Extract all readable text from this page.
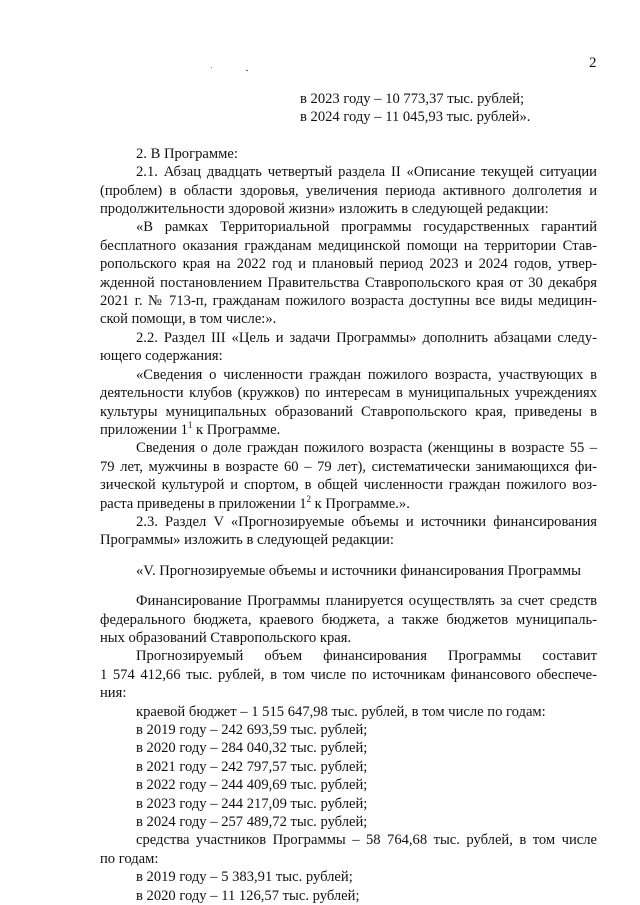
2

в 2023 году – 10 773,37 тыс. рублей;

в 2024 году – 11 045,93 тыс. рублей».

2. В Программе:

2.1. Абзац двадцать четвертый раздела II «Описание текущей ситуации

(проблем) в области здоровья, увеличения периода активного долголетия и

продолжительности здоровой жизни» изложить в следующей редакции:

«В рамках Территориальной программы государственных гарантий

бесплатного оказания гражданам медицинской помощи на территории Став-

ропольского края на 2022 год и плановый период 2023 и 2024 годов, утвер-

жденной постановлением Правительства Ставропольского края от 30 декабря

2021 г. № 713-п, гражданам пожилого возраста доступны все виды медицин-

ской помощи, в том числе:».

2.2. Раздел III «Цель и задачи Программы» дополнить абзацами следу-

ющего содержания:

«Сведения о численности граждан пожилого возраста, участвующих в

деятельности клубов (кружков) по интересам в муниципальных учреждениях

культуры муниципальных образований Ставропольского края, приведены в

приложении $1^1$ к Программе.

Сведения о доле граждан пожилого возраста (женщины в возрасте 55 –

79 лет, мужчины в возрасте 60 – 79 лет), систематически занимающихся фи-

зической культурой и спортом, в общей численности граждан пожилого воз-

раста приведены в приложении $1^2$ к Программе.».

2.3. Раздел V «Прогнозируемые объемы и источники финансирования

Программы» изложить в следующей редакции:

«V. Прогнозируемые объемы и источники финансирования Программы

Финансирование Программы планируется осуществлять за счет средств

федерального бюджета, краевого бюджета, а также бюджетов муниципаль-

ных образований Ставропольского края.

Прогнозируемый объем финансирования Программы составит

1 574 412,66 тыс. рублей, в том числе по источникам финансового обеспече-

ния:

краевой бюджет – 1 515 647,98 тыс. рублей, в том числе по годам:

в 2019 году – 242 693,59 тыс. рублей;

в 2020 году – 284 040,32 тыс. рублей;

в 2021 году – 242 797,57 тыс. рублей;

в 2022 году – 244 409,69 тыс. рублей;

в 2023 году – 244 217,09 тыс. рублей;

в 2024 году – 257 489,72 тыс. рублей;

средства участников Программы – 58 764,68 тыс. рублей, в том числе

по годам:

в 2019 году – 5 383,91 тыс. рублей;

в 2020 году – 11 126,57 тыс. рублей;
